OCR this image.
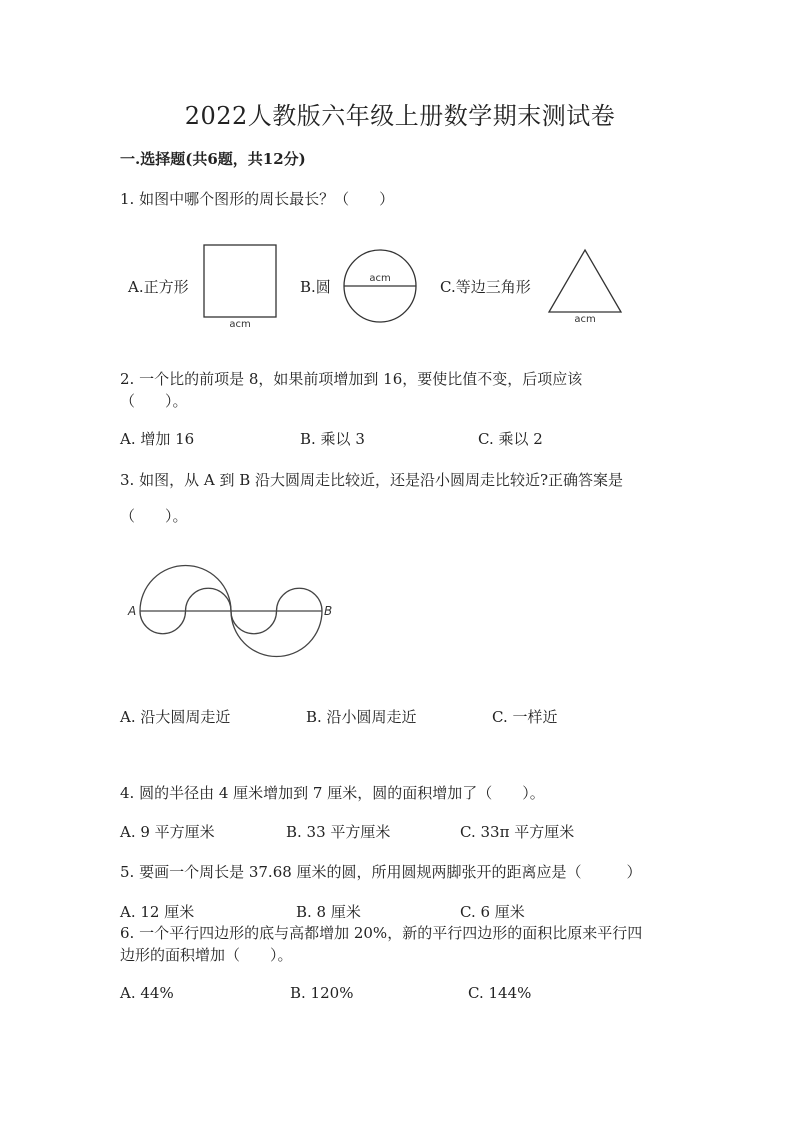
2022人教版六年级上册数学期末测试卷
一.选择题(共6题，共12分)
1. 如图中哪个图形的周长最长？（　　）
A.正方形	B.圆	C.等边三角形
acm
acm
acm
2. 一个比的前项是 8，如果前项增加到 16，要使比值不变，后项应该
（　　）。
A. 增加 16	B. 乘以 3	C. 乘以 2
3. 如图，从 A 到 B 沿大圆周走比较近，还是沿小圆周走比较近?正确答案是
（　　）。
A	B
A. 沿大圆周走近	B. 沿小圆周走近	C. 一样近
4. 圆的半径由 4 厘米增加到 7 厘米，圆的面积增加了（　　）。
A. 9 平方厘米	B. 33 平方厘米	C. 33π 平方厘米
5. 要画一个周长是 37.68 厘米的圆，所用圆规两脚张开的距离应是（　　　）
A. 12 厘米	B. 8 厘米	C. 6 厘米
6. 一个平行四边形的底与高都增加 20%，新的平行四边形的面积比原来平行四
边形的面积增加（　　）。
A. 44%	B. 120%	C. 144%
